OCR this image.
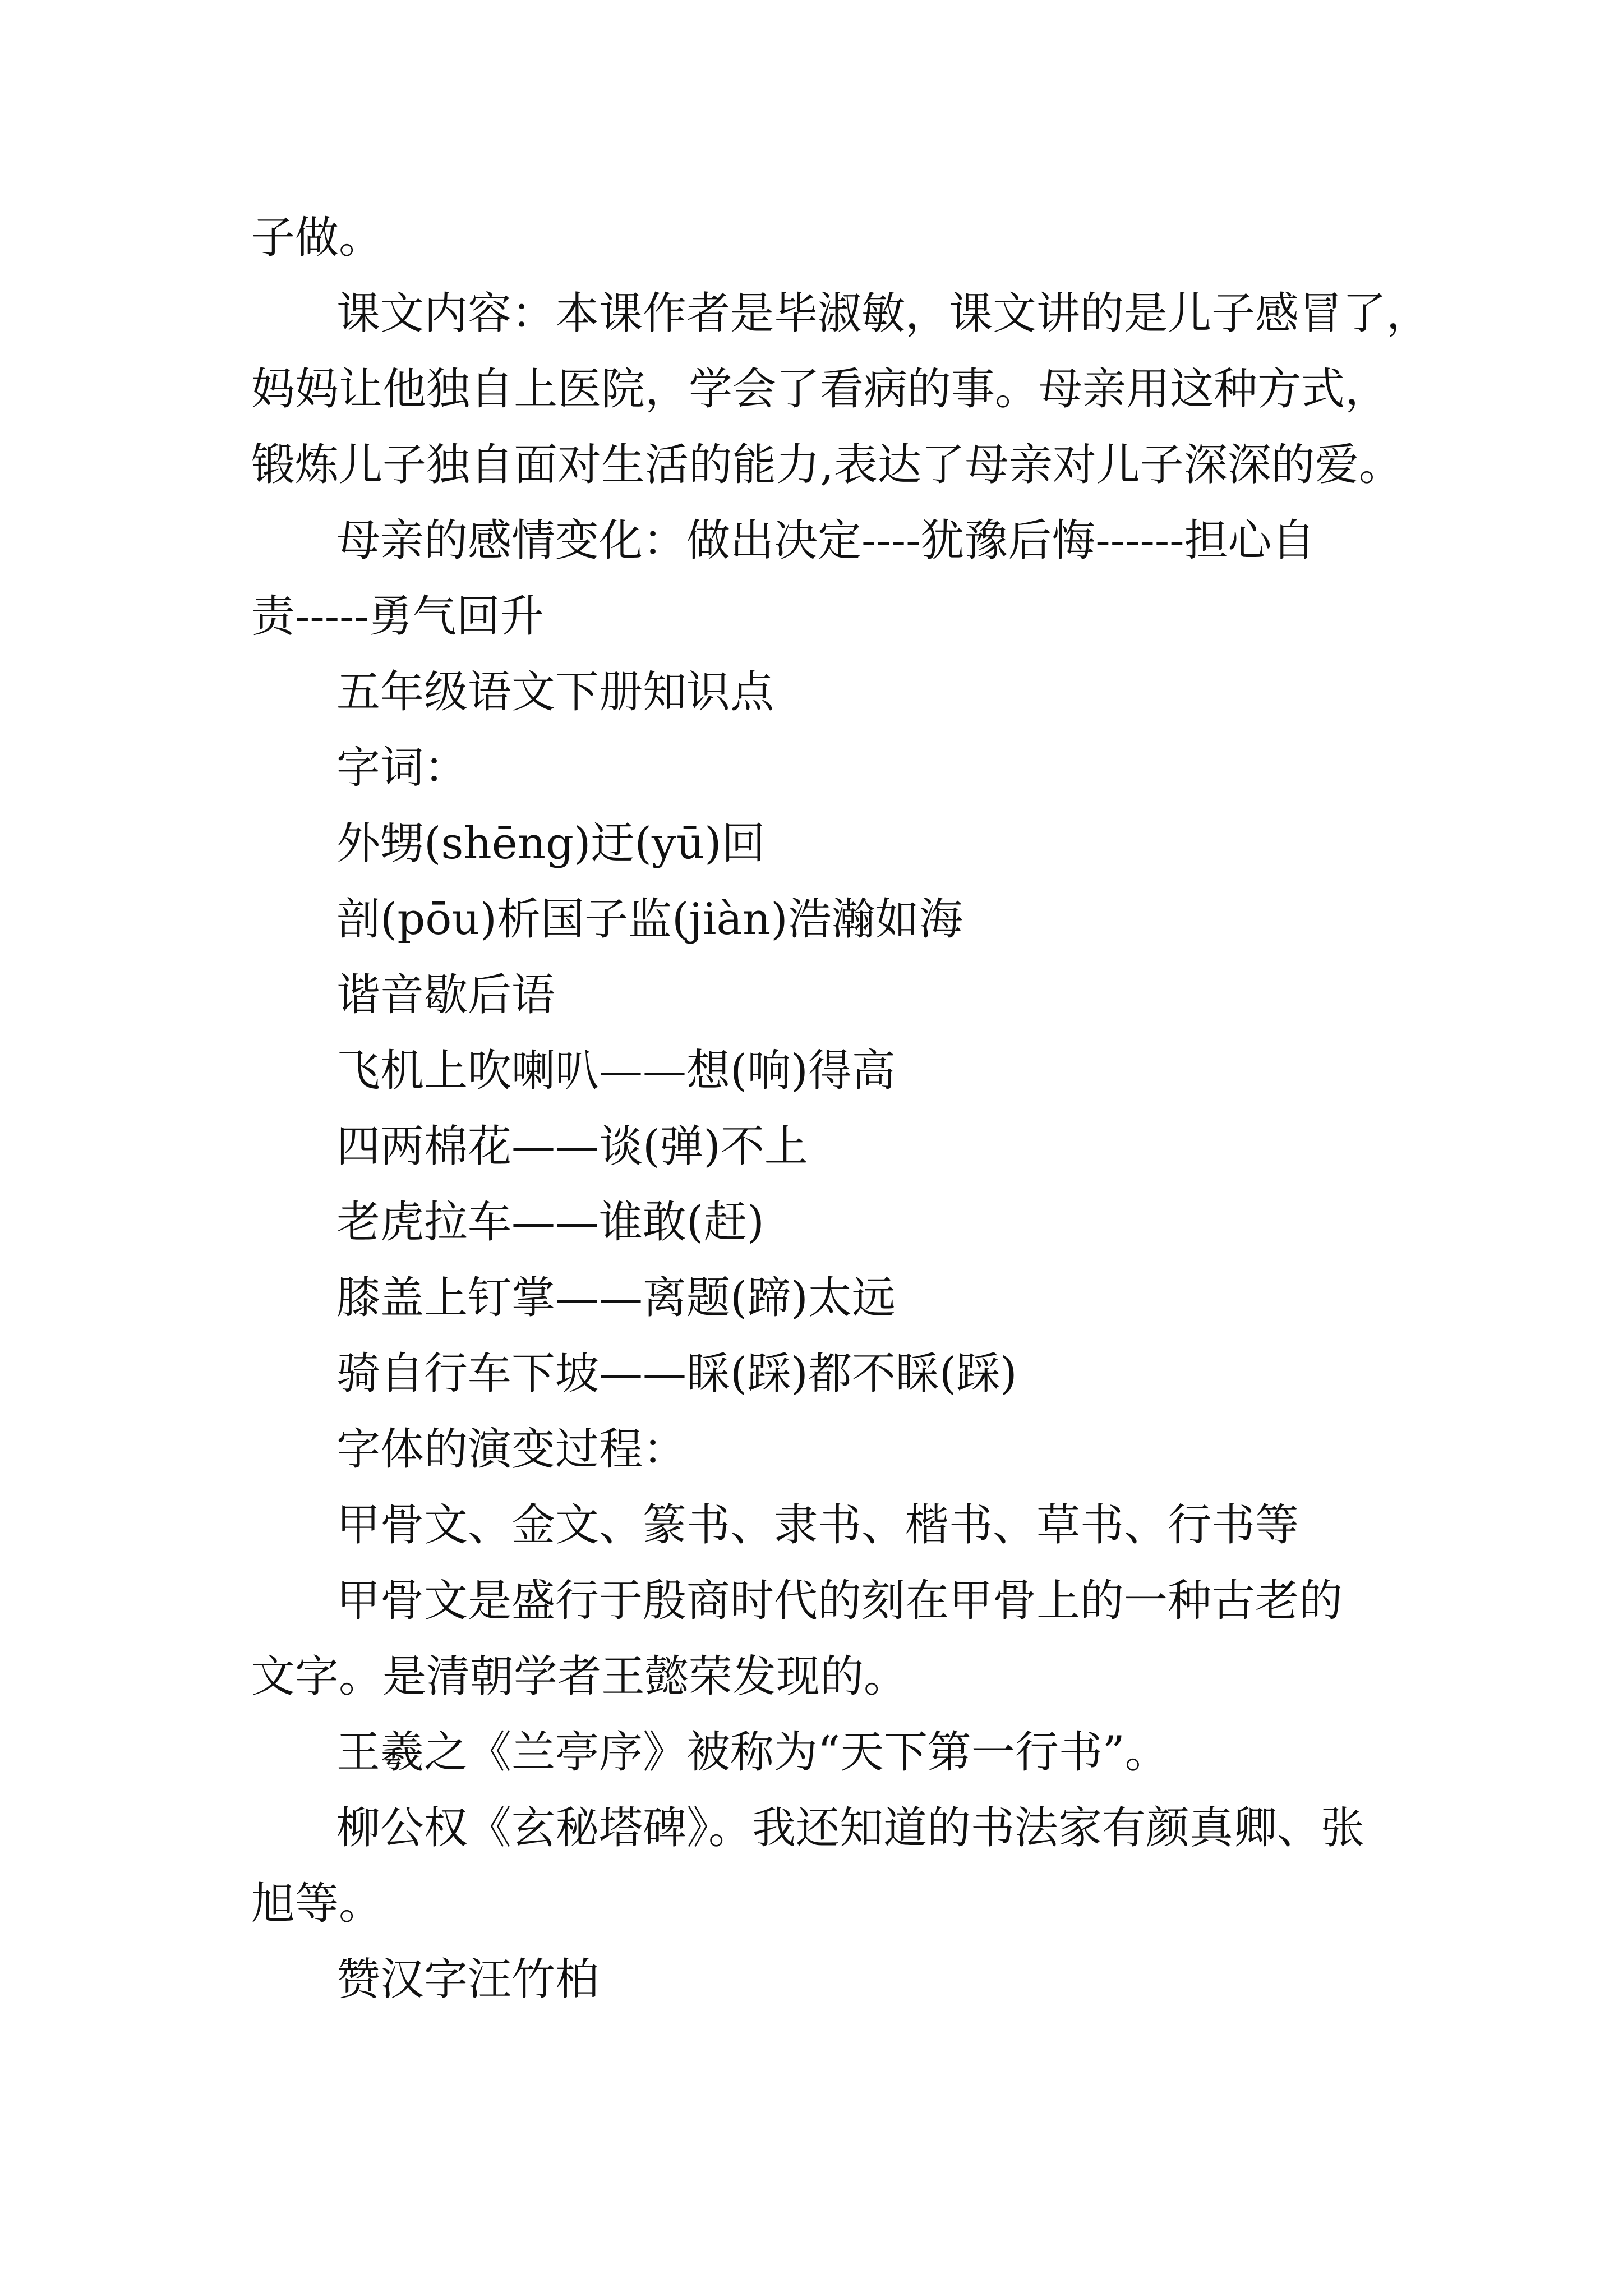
子做。
课文内容：本课作者是毕淑敏，课文讲的是儿子感冒了，
妈妈让他独自上医院，学会了看病的事。母亲用这种方式，
锻炼儿子独自面对生活的能力,表达了母亲对儿子深深的爱。
母亲的感情变化：做出决定----犹豫后悔------担心自
责-----勇气回升
五年级语文下册知识点
字词：
外甥(shēng)迂(yū)回
剖(pōu)析国子监(jiàn)浩瀚如海
谐音歇后语
飞机上吹喇叭——想(响)得高
四两棉花——谈(弹)不上
老虎拉车——谁敢(赶)
膝盖上钉掌——离题(蹄)太远
骑自行车下坡——睬(踩)都不睬(踩)
字体的演变过程：
甲骨文、金文、篆书、隶书、楷书、草书、行书等
甲骨文是盛行于殷商时代的刻在甲骨上的一种古老的
文字。是清朝学者王懿荣发现的。
王羲之《兰亭序》被称为“天下第一行书”。
柳公权《玄秘塔碑》。我还知道的书法家有颜真卿、张
旭等。
赞汉字汪竹柏
